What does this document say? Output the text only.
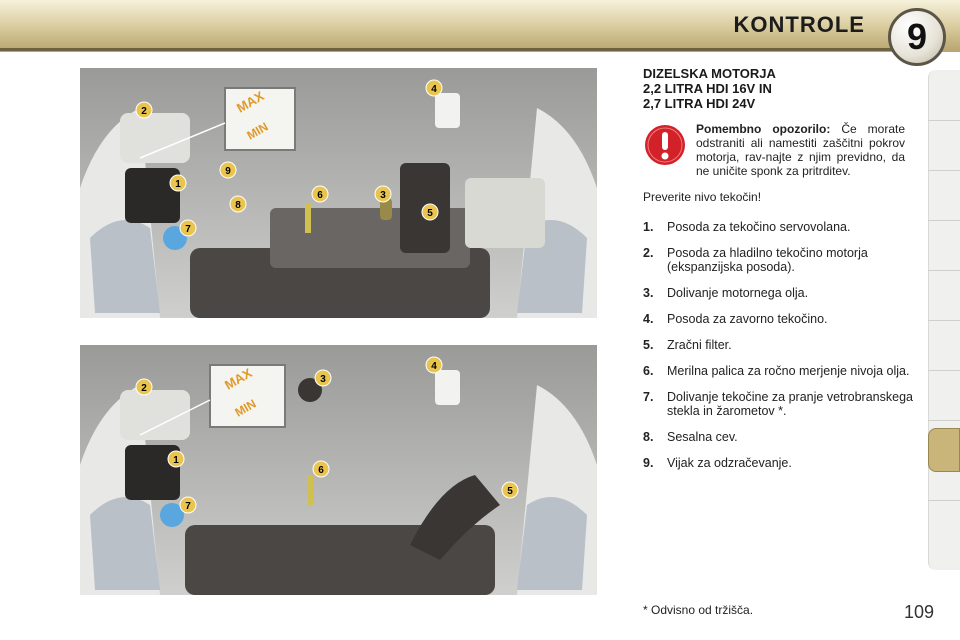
KONTROLE 9
MAX
MIN
1
2
3
4
5
6
7
8
9
MAX
MIN
1
2
3
4
5
6
7
DIZELSKA MOTORJA
2,2 LITRA HDI 16V IN
2,7 LITRA HDI 24V
Pomembno opozorilo: Če morate odstraniti ali namestiti zaščitni pokrov motorja, rav-najte z njim previdno, da ne uničite sponk za pritrditev.
Preverite nivo tekočin!
1.	Posoda za tekočino servovolana.
2.	Posoda za hladilno tekočino motorja (ekspanzijska posoda).
3.	Dolivanje motornega olja.
4.	Posoda za zavorno tekočino.
5.	Zračni filter.
6.	Merilna palica za ročno merjenje nivoja olja.
7.	Dolivanje tekočine za pranje vetrobranskega stekla in žarometov *.
8.	Sesalna cev.
9.	Vijak za odzračevanje.
* Odvisno od tržišča.	109
